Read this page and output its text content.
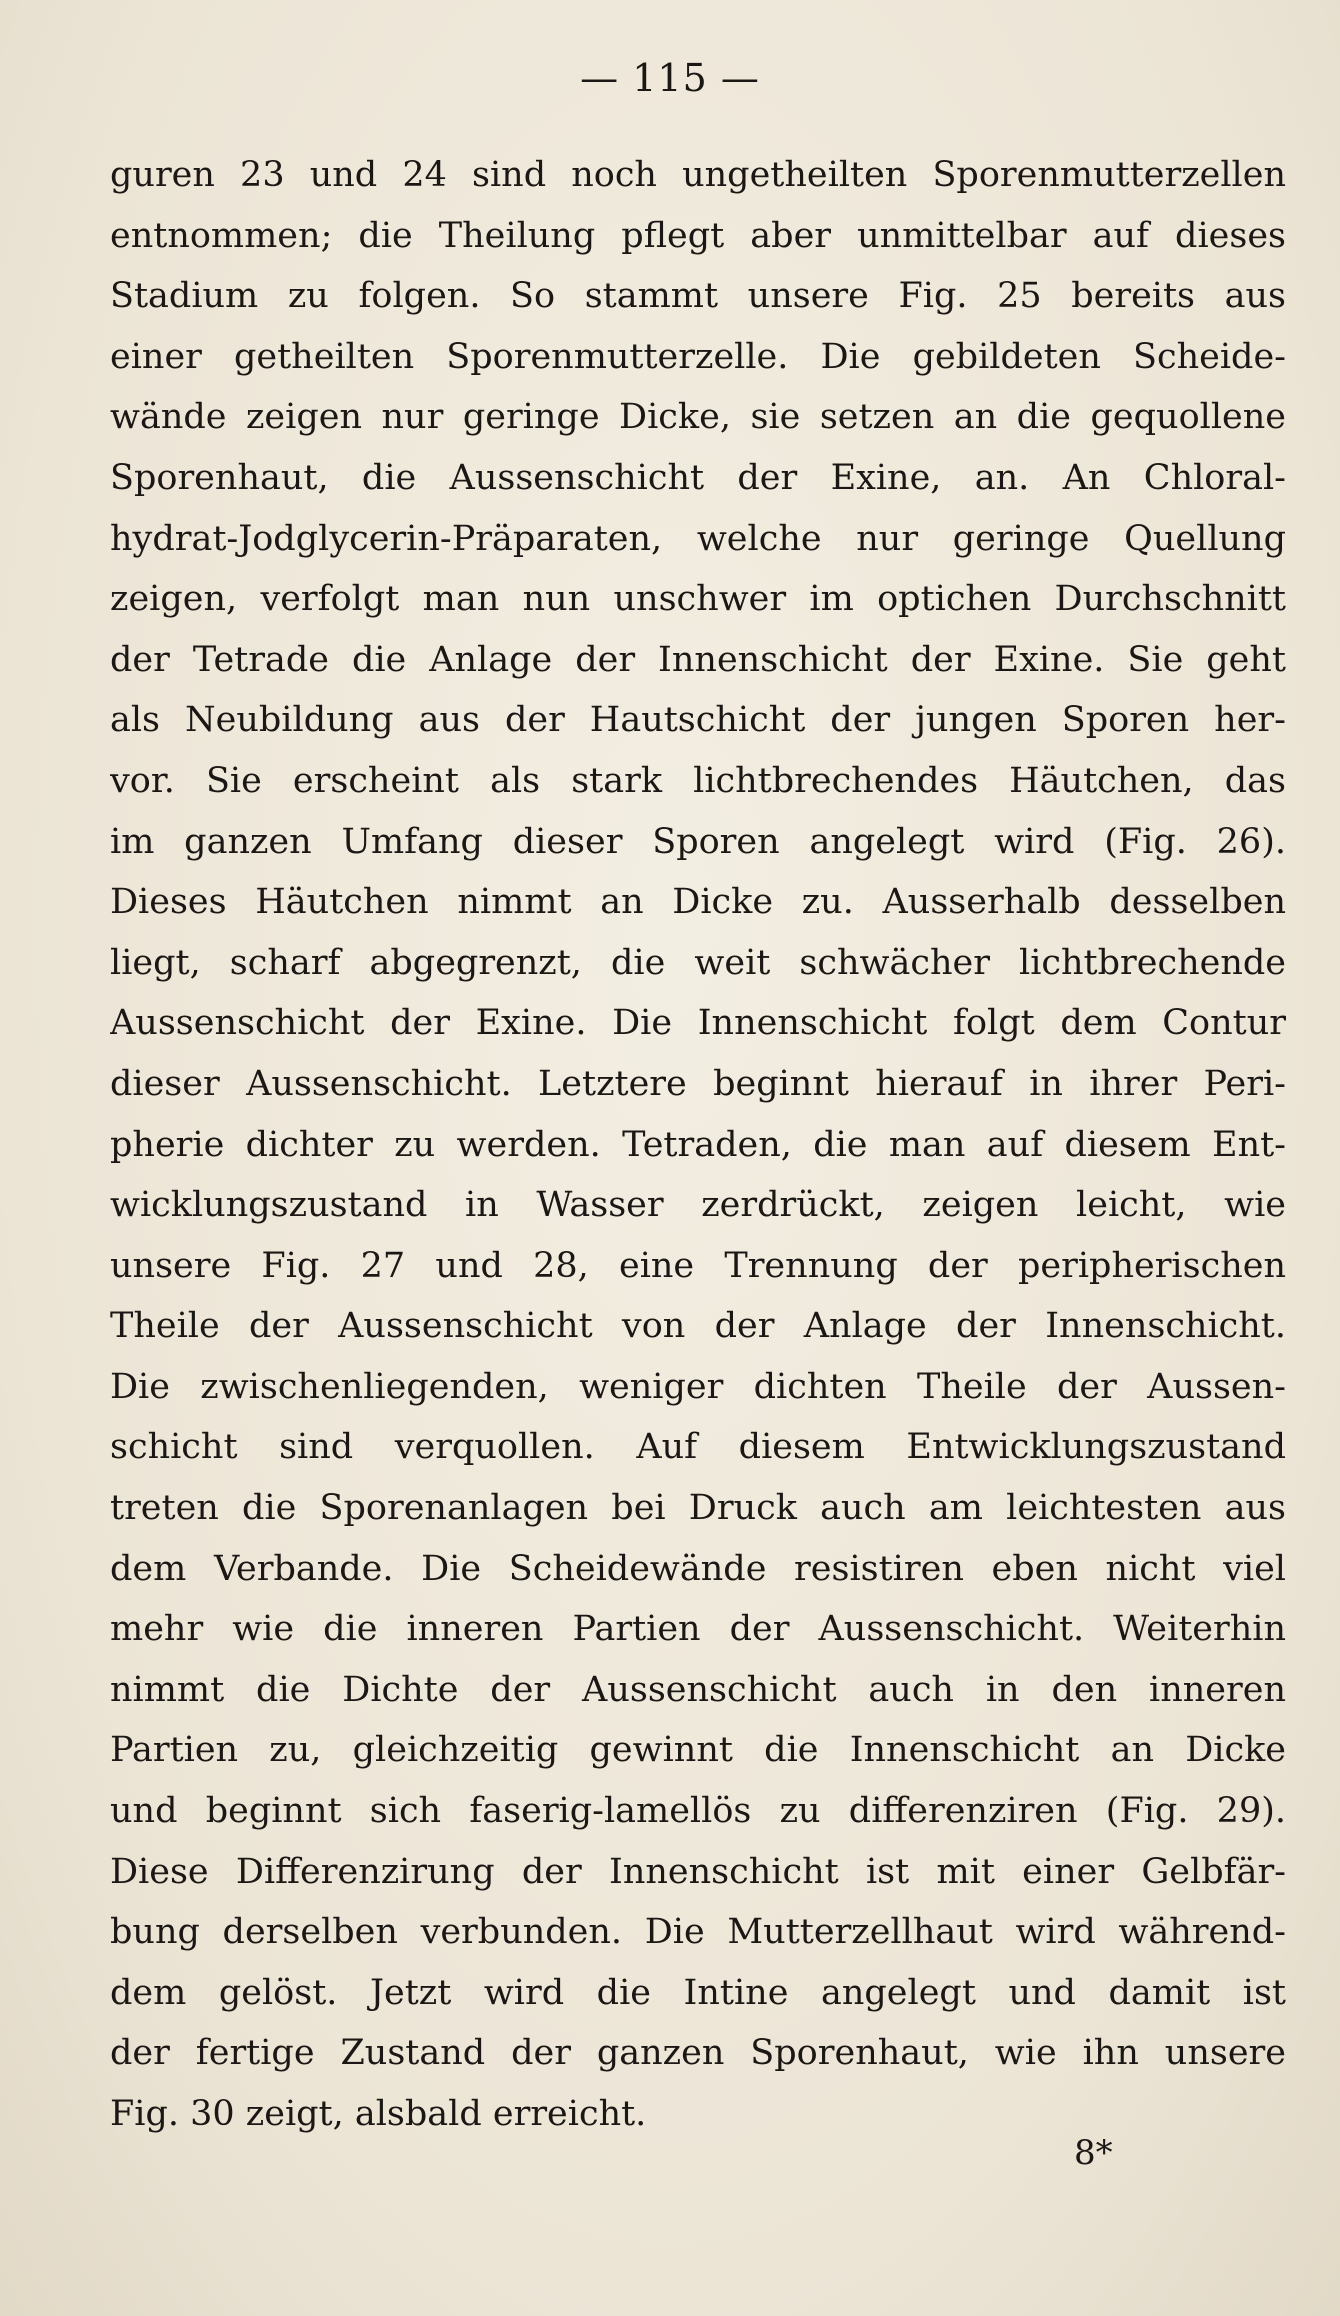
— 115 —
guren 23 und 24 sind noch ungetheilten Sporenmutterzellen
entnommen; die Theilung pflegt aber unmittelbar auf dieses
Stadium zu folgen. So stammt unsere Fig. 25 bereits aus
einer getheilten Sporenmutterzelle. Die gebildeten Scheide-
wände zeigen nur geringe Dicke, sie setzen an die gequollene
Sporenhaut, die Aussenschicht der Exine, an. An Chloral-
hydrat-Jodglycerin-Präparaten, welche nur geringe Quellung
zeigen, verfolgt man nun unschwer im optichen Durchschnitt
der Tetrade die Anlage der Innenschicht der Exine. Sie geht
als Neubildung aus der Hautschicht der jungen Sporen her-
vor. Sie erscheint als stark lichtbrechendes Häutchen, das
im ganzen Umfang dieser Sporen angelegt wird (Fig. 26).
Dieses Häutchen nimmt an Dicke zu. Ausserhalb desselben
liegt, scharf abgegrenzt, die weit schwächer lichtbrechende
Aussenschicht der Exine. Die Innenschicht folgt dem Contur
dieser Aussenschicht. Letztere beginnt hierauf in ihrer Peri-
pherie dichter zu werden. Tetraden, die man auf diesem Ent-
wicklungszustand in Wasser zerdrückt, zeigen leicht, wie
unsere Fig. 27 und 28, eine Trennung der peripherischen
Theile der Aussenschicht von der Anlage der Innenschicht.
Die zwischenliegenden, weniger dichten Theile der Aussen-
schicht sind verquollen. Auf diesem Entwicklungszustand
treten die Sporenanlagen bei Druck auch am leichtesten aus
dem Verbande. Die Scheidewände resistiren eben nicht viel
mehr wie die inneren Partien der Aussenschicht. Weiterhin
nimmt die Dichte der Aussenschicht auch in den inneren
Partien zu, gleichzeitig gewinnt die Innenschicht an Dicke
und beginnt sich faserig-lamellös zu differenziren (Fig. 29).
Diese Differenzirung der Innenschicht ist mit einer Gelbfär-
bung derselben verbunden. Die Mutterzellhaut wird während-
dem gelöst. Jetzt wird die Intine angelegt und damit ist
der fertige Zustand der ganzen Sporenhaut, wie ihn unsere
Fig. 30 zeigt, alsbald erreicht.
8*
